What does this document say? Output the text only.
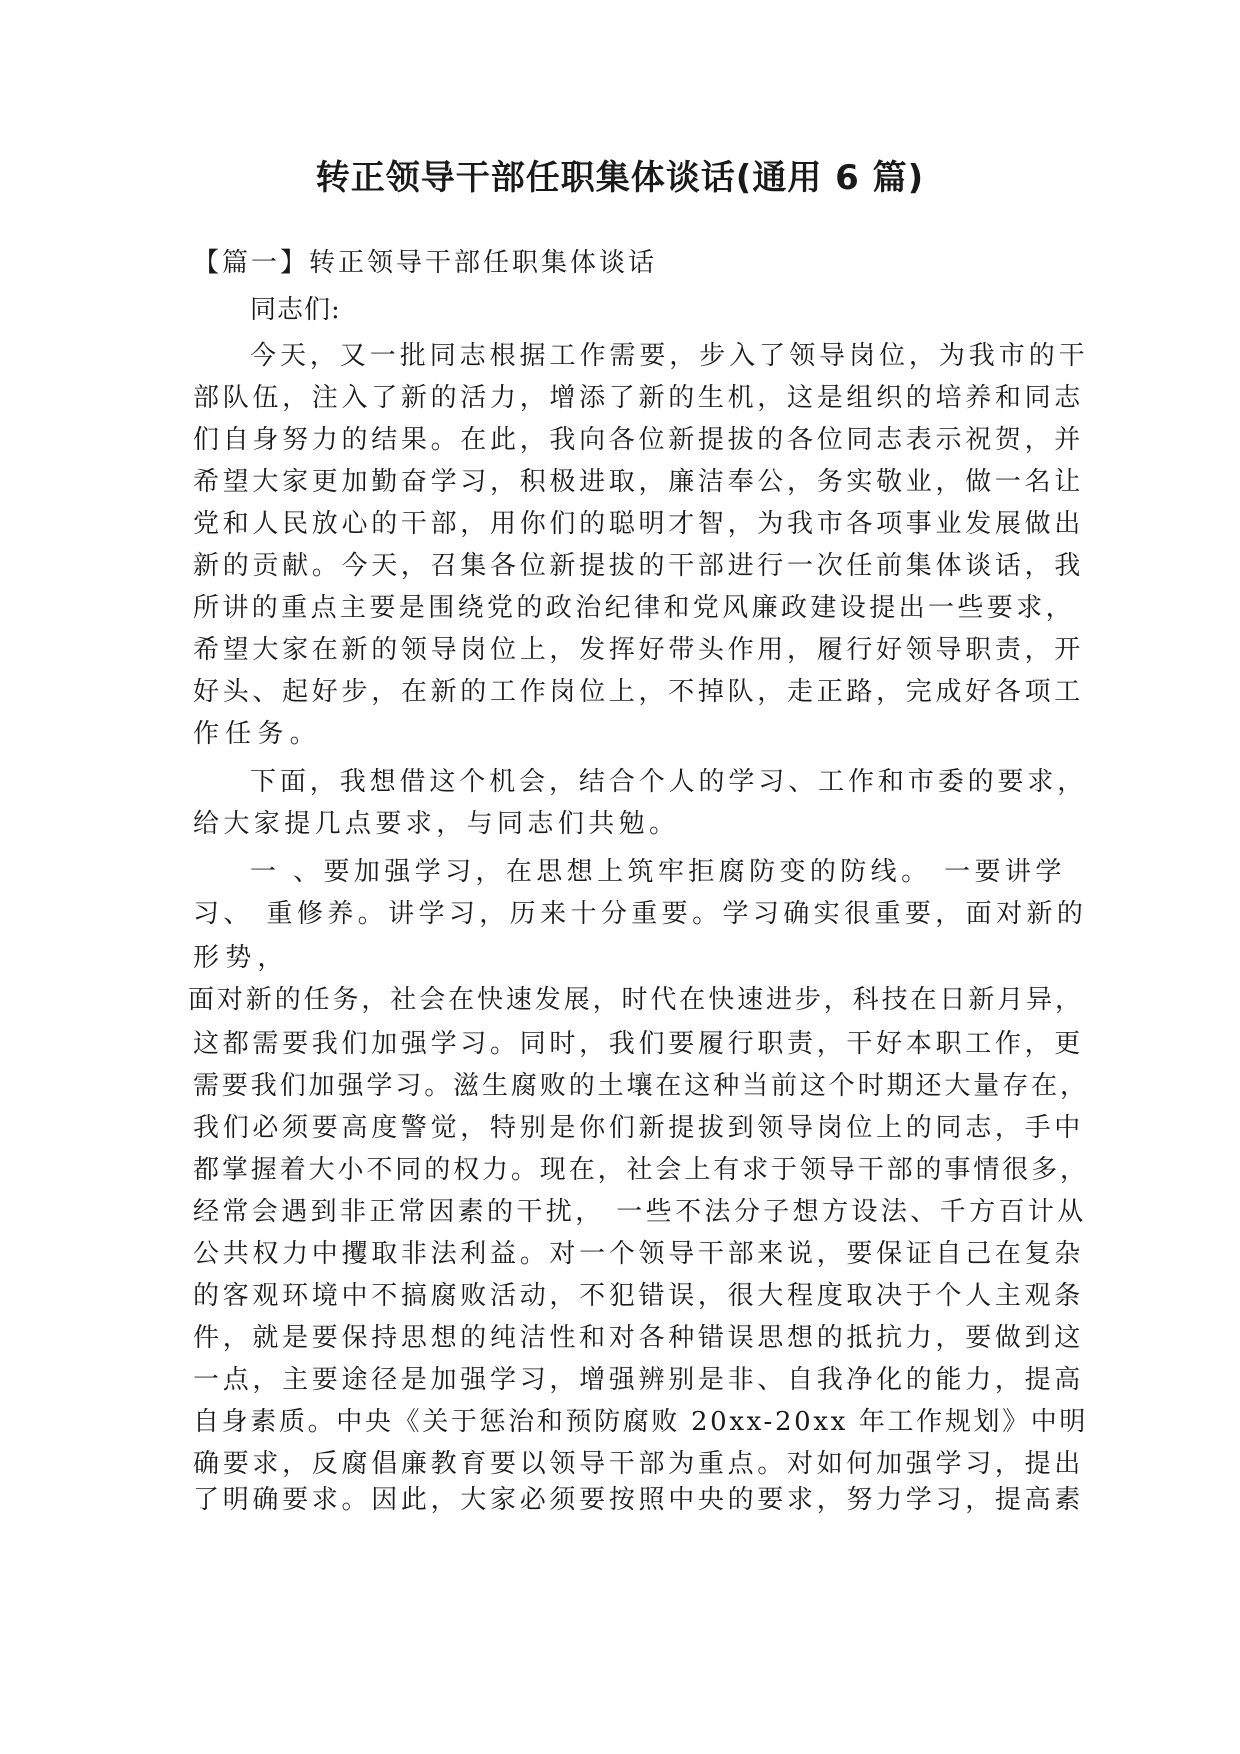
转正领导干部任职集体谈话(通用 6 篇)

【篇一】转正领导干部任职集体谈话

同志们:

今天，又一批同志根据工作需要，步入了领导岗位，为我市的干

部队伍，注入了新的活力，增添了新的生机，这是组织的培养和同志

们自身努力的结果。在此，我向各位新提拔的各位同志表示祝贺，并

希望大家更加勤奋学习，积极进取，廉洁奉公，务实敬业，做一名让

党和人民放心的干部，用你们的聪明才智，为我市各项事业发展做出

新的贡献。今天，召集各位新提拔的干部进行一次任前集体谈话，我

所讲的重点主要是围绕党的政治纪律和党风廉政建设提出一些要求，

希望大家在新的领导岗位上，发挥好带头作用，履行好领导职责，开

好头、起好步，在新的工作岗位上，不掉队，走正路，完成好各项工

作任务。

下面，我想借这个机会，结合个人的学习、工作和市委的要求，

给大家提几点要求，与同志们共勉。

一 、要加强学习，在思想上筑牢拒腐防变的防线。 一要讲学

习、 重修养。讲学习，历来十分重要。学习确实很重要，面对新的

形势，

面对新的任务，社会在快速发展，时代在快速进步，科技在日新月异，

这都需要我们加强学习。同时，我们要履行职责，干好本职工作，更

需要我们加强学习。滋生腐败的土壤在这种当前这个时期还大量存在，

我们必须要高度警觉，特别是你们新提拔到领导岗位上的同志，手中

都掌握着大小不同的权力。现在，社会上有求于领导干部的事情很多，

经常会遇到非正常因素的干扰， 一些不法分子想方设法、千方百计从

公共权力中攫取非法利益。对一个领导干部来说，要保证自己在复杂

的客观环境中不搞腐败活动，不犯错误，很大程度取决于个人主观条

件，就是要保持思想的纯洁性和对各种错误思想的抵抗力，要做到这

一点，主要途径是加强学习，增强辨别是非、自我净化的能力，提高

自身素质。中央《关于惩治和预防腐败 20xx-20xx 年工作规划》中明

确要求，反腐倡廉教育要以领导干部为重点。对如何加强学习，提出

了明确要求。因此，大家必须要按照中央的要求，努力学习，提高素
